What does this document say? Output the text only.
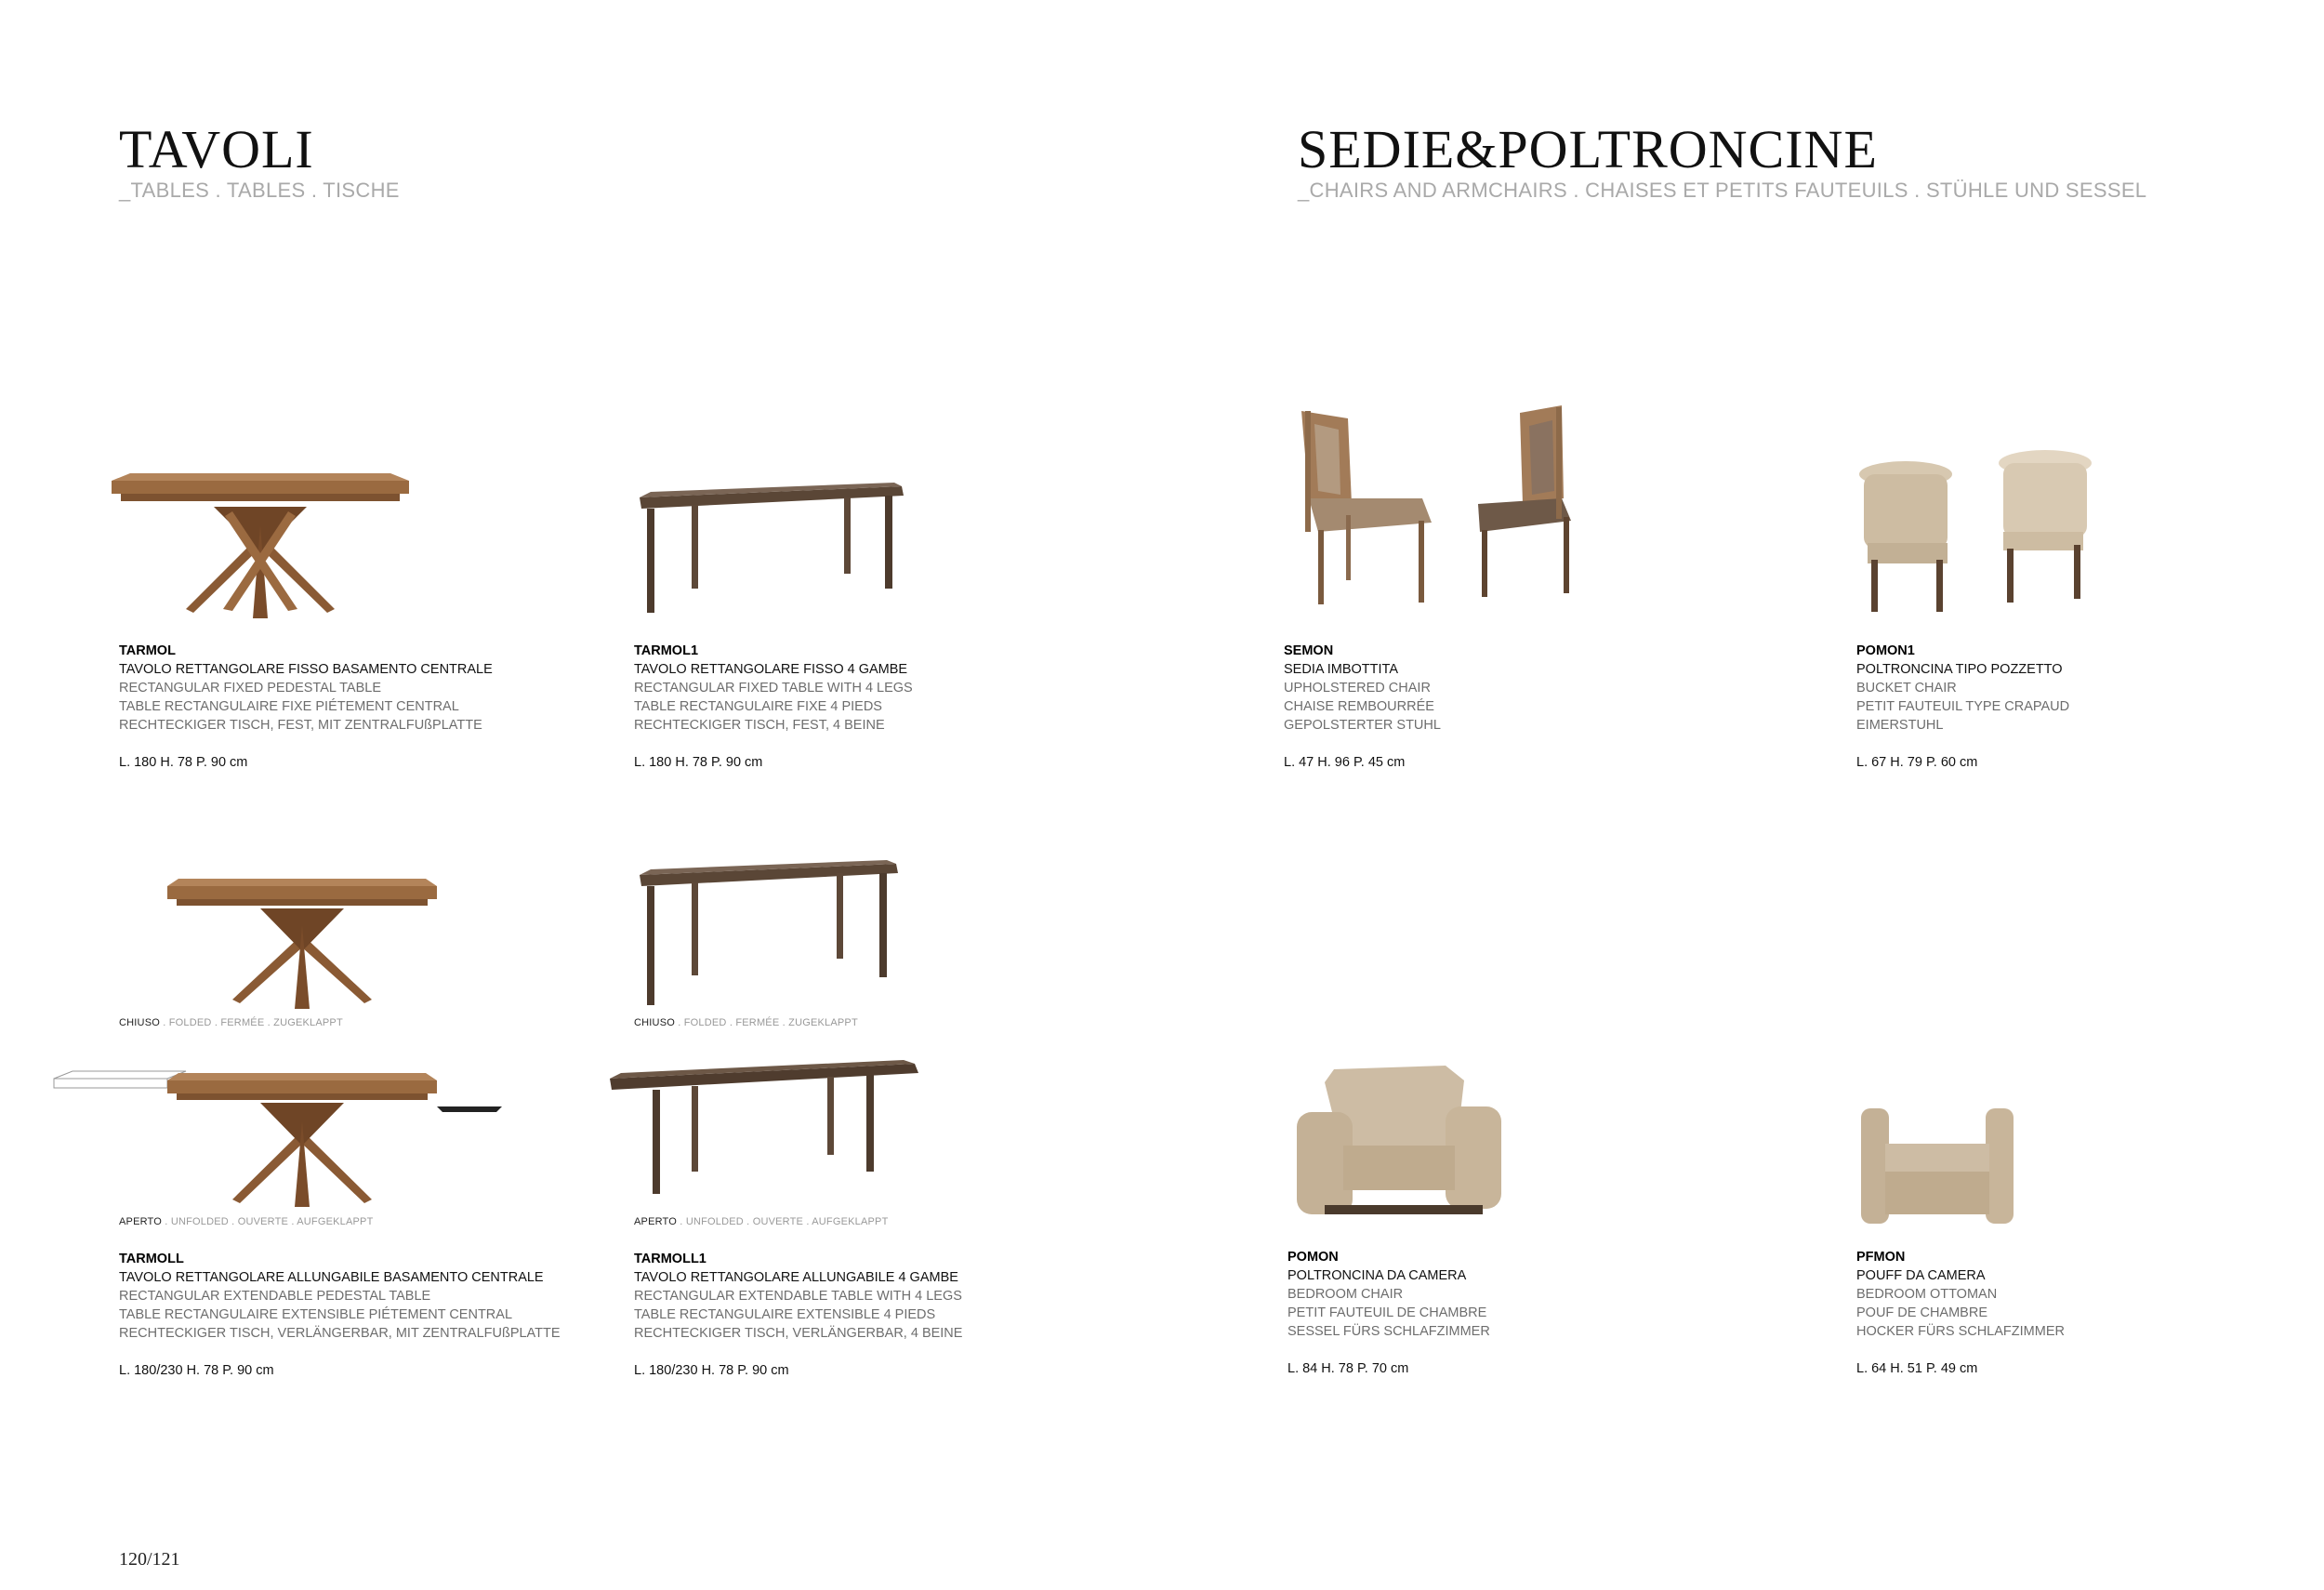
TAVOLI
_TABLES . TABLES . TISCHE
SEDIE&POLTRONCINE
_CHAIRS AND ARMCHAIRS . CHAISES ET PETITS FAUTEUILS . STÜHLE UND SESSEL
CHIUSO . FOLDED . FERMÉE . ZUGEKLAPPT	CHIUSO . FOLDED . FERMÉE . ZUGEKLAPPT
APERTO . UNFOLDED . OUVERTE . AUFGEKLAPPT	APERTO . UNFOLDED . OUVERTE . AUFGEKLAPPT
TARMOL
TAVOLO RETTANGOLARE FISSO BASAMENTO CENTRALE
RECTANGULAR FIXED PEDESTAL TABLE
TABLE RECTANGULAIRE FIXE PIÉTEMENT CENTRAL
RECHTECKIGER TISCH, FEST, MIT ZENTRALFUßPLATTE
L. 180 H. 78 P. 90 cm
TARMOL1
TAVOLO RETTANGOLARE FISSO 4 GAMBE
RECTANGULAR FIXED TABLE WITH 4 LEGS
TABLE RECTANGULAIRE FIXE 4 PIEDS
RECHTECKIGER TISCH, FEST, 4 BEINE
L. 180 H. 78 P. 90 cm
SEMON
SEDIA IMBOTTITA
UPHOLSTERED CHAIR
CHAISE REMBOURRÉE
GEPOLSTERTER STUHL
L. 47 H. 96 P. 45 cm
POMON1
POLTRONCINA TIPO POZZETTO
BUCKET CHAIR
PETIT FAUTEUIL TYPE CRAPAUD
EIMERSTUHL
L. 67 H. 79 P. 60 cm
TARMOLL
TAVOLO RETTANGOLARE ALLUNGABILE BASAMENTO CENTRALE
RECTANGULAR EXTENDABLE PEDESTAL TABLE
TABLE RECTANGULAIRE EXTENSIBLE PIÉTEMENT CENTRAL
RECHTECKIGER TISCH, VERLÄNGERBAR, MIT ZENTRALFUßPLATTE
L. 180/230 H. 78 P. 90 cm
TARMOLL1
TAVOLO RETTANGOLARE ALLUNGABILE 4 GAMBE
RECTANGULAR EXTENDABLE TABLE WITH 4 LEGS
TABLE RECTANGULAIRE EXTENSIBLE 4 PIEDS
RECHTECKIGER TISCH, VERLÄNGERBAR, 4 BEINE
L. 180/230 H. 78 P. 90 cm
POMON
POLTRONCINA DA CAMERA
BEDROOM CHAIR
PETIT FAUTEUIL DE CHAMBRE
SESSEL FÜRS SCHLAFZIMMER
L. 84 H. 78 P. 70 cm
PFMON
POUFF DA CAMERA
BEDROOM OTTOMAN
POUF DE CHAMBRE
HOCKER FÜRS SCHLAFZIMMER
L. 64 H. 51 P. 49 cm
120/121
